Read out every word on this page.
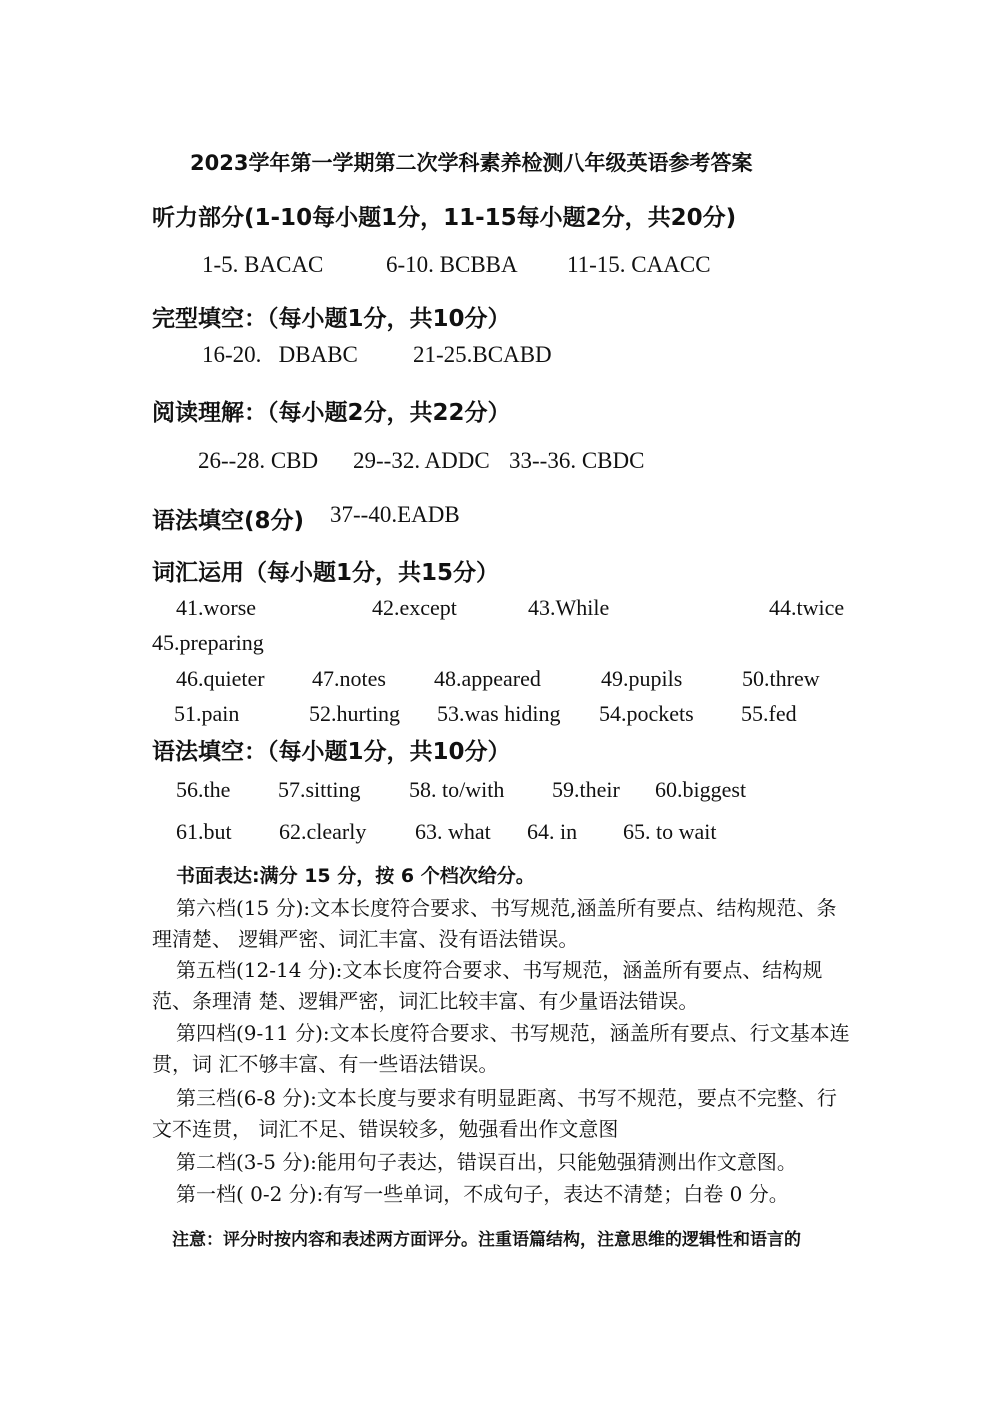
2023学年第一学期第二次学科素养检测八年级英语参考答案
听力部分(1-10每小题1分，11-15每小题2分，共20分)
1-5. BACAC	6-10. BCBBA 11-15. CAACC
完型填空：（每小题1分，共10分）
16-20.   DBABC 21-25.BCABD
阅读理解：（每小题2分，共22分）
26--28. CBD 29--32. ADDC 33--36. CBDC
语法填空(8分) 37--40.EADB
词汇运用（每小题1分，共15分）
41.worse	42.except	43.While	44.twice
45.preparing
46.quieter 47.notes 48.appeared	49.pupils	50.threw
51.pain	52.hurting 53.was hiding 54.pockets 55.fed
语法填空：（每小题1分，共10分）
56.the 57.sitting 58. to/with 59.their 60.biggest
61.but 62.clearly 63. what 64. in 65. to wait
书面表达:满分 15 分，按 6 个档次给分。
第六档(15 分):文本长度符合要求、书写规范,涵盖所有要点、结构规范、条理清楚、 逻辑严密、词汇丰富、没有语法错误。
第五档(12-14 分):文本长度符合要求、书写规范，涵盖所有要点、结构规范、条理清 楚、逻辑严密，词汇比较丰富、有少量语法错误。
第四档(9-11 分):文本长度符合要求、书写规范，涵盖所有要点、行文基本连贯，词 汇不够丰富、有一些语法错误。
第三档(6-8 分):文本长度与要求有明显距离、书写不规范，要点不完整、行文不连贯， 词汇不足、错误较多，勉强看出作文意图
第二档(3-5 分):能用句子表达，错误百出，只能勉强猜测出作文意图。
第一档( 0-2 分):有写一些单词，不成句子，表达不清楚；白卷 0 分。
注意：评分时按内容和表述两方面评分。注重语篇结构，注意思维的逻辑性和语言的
